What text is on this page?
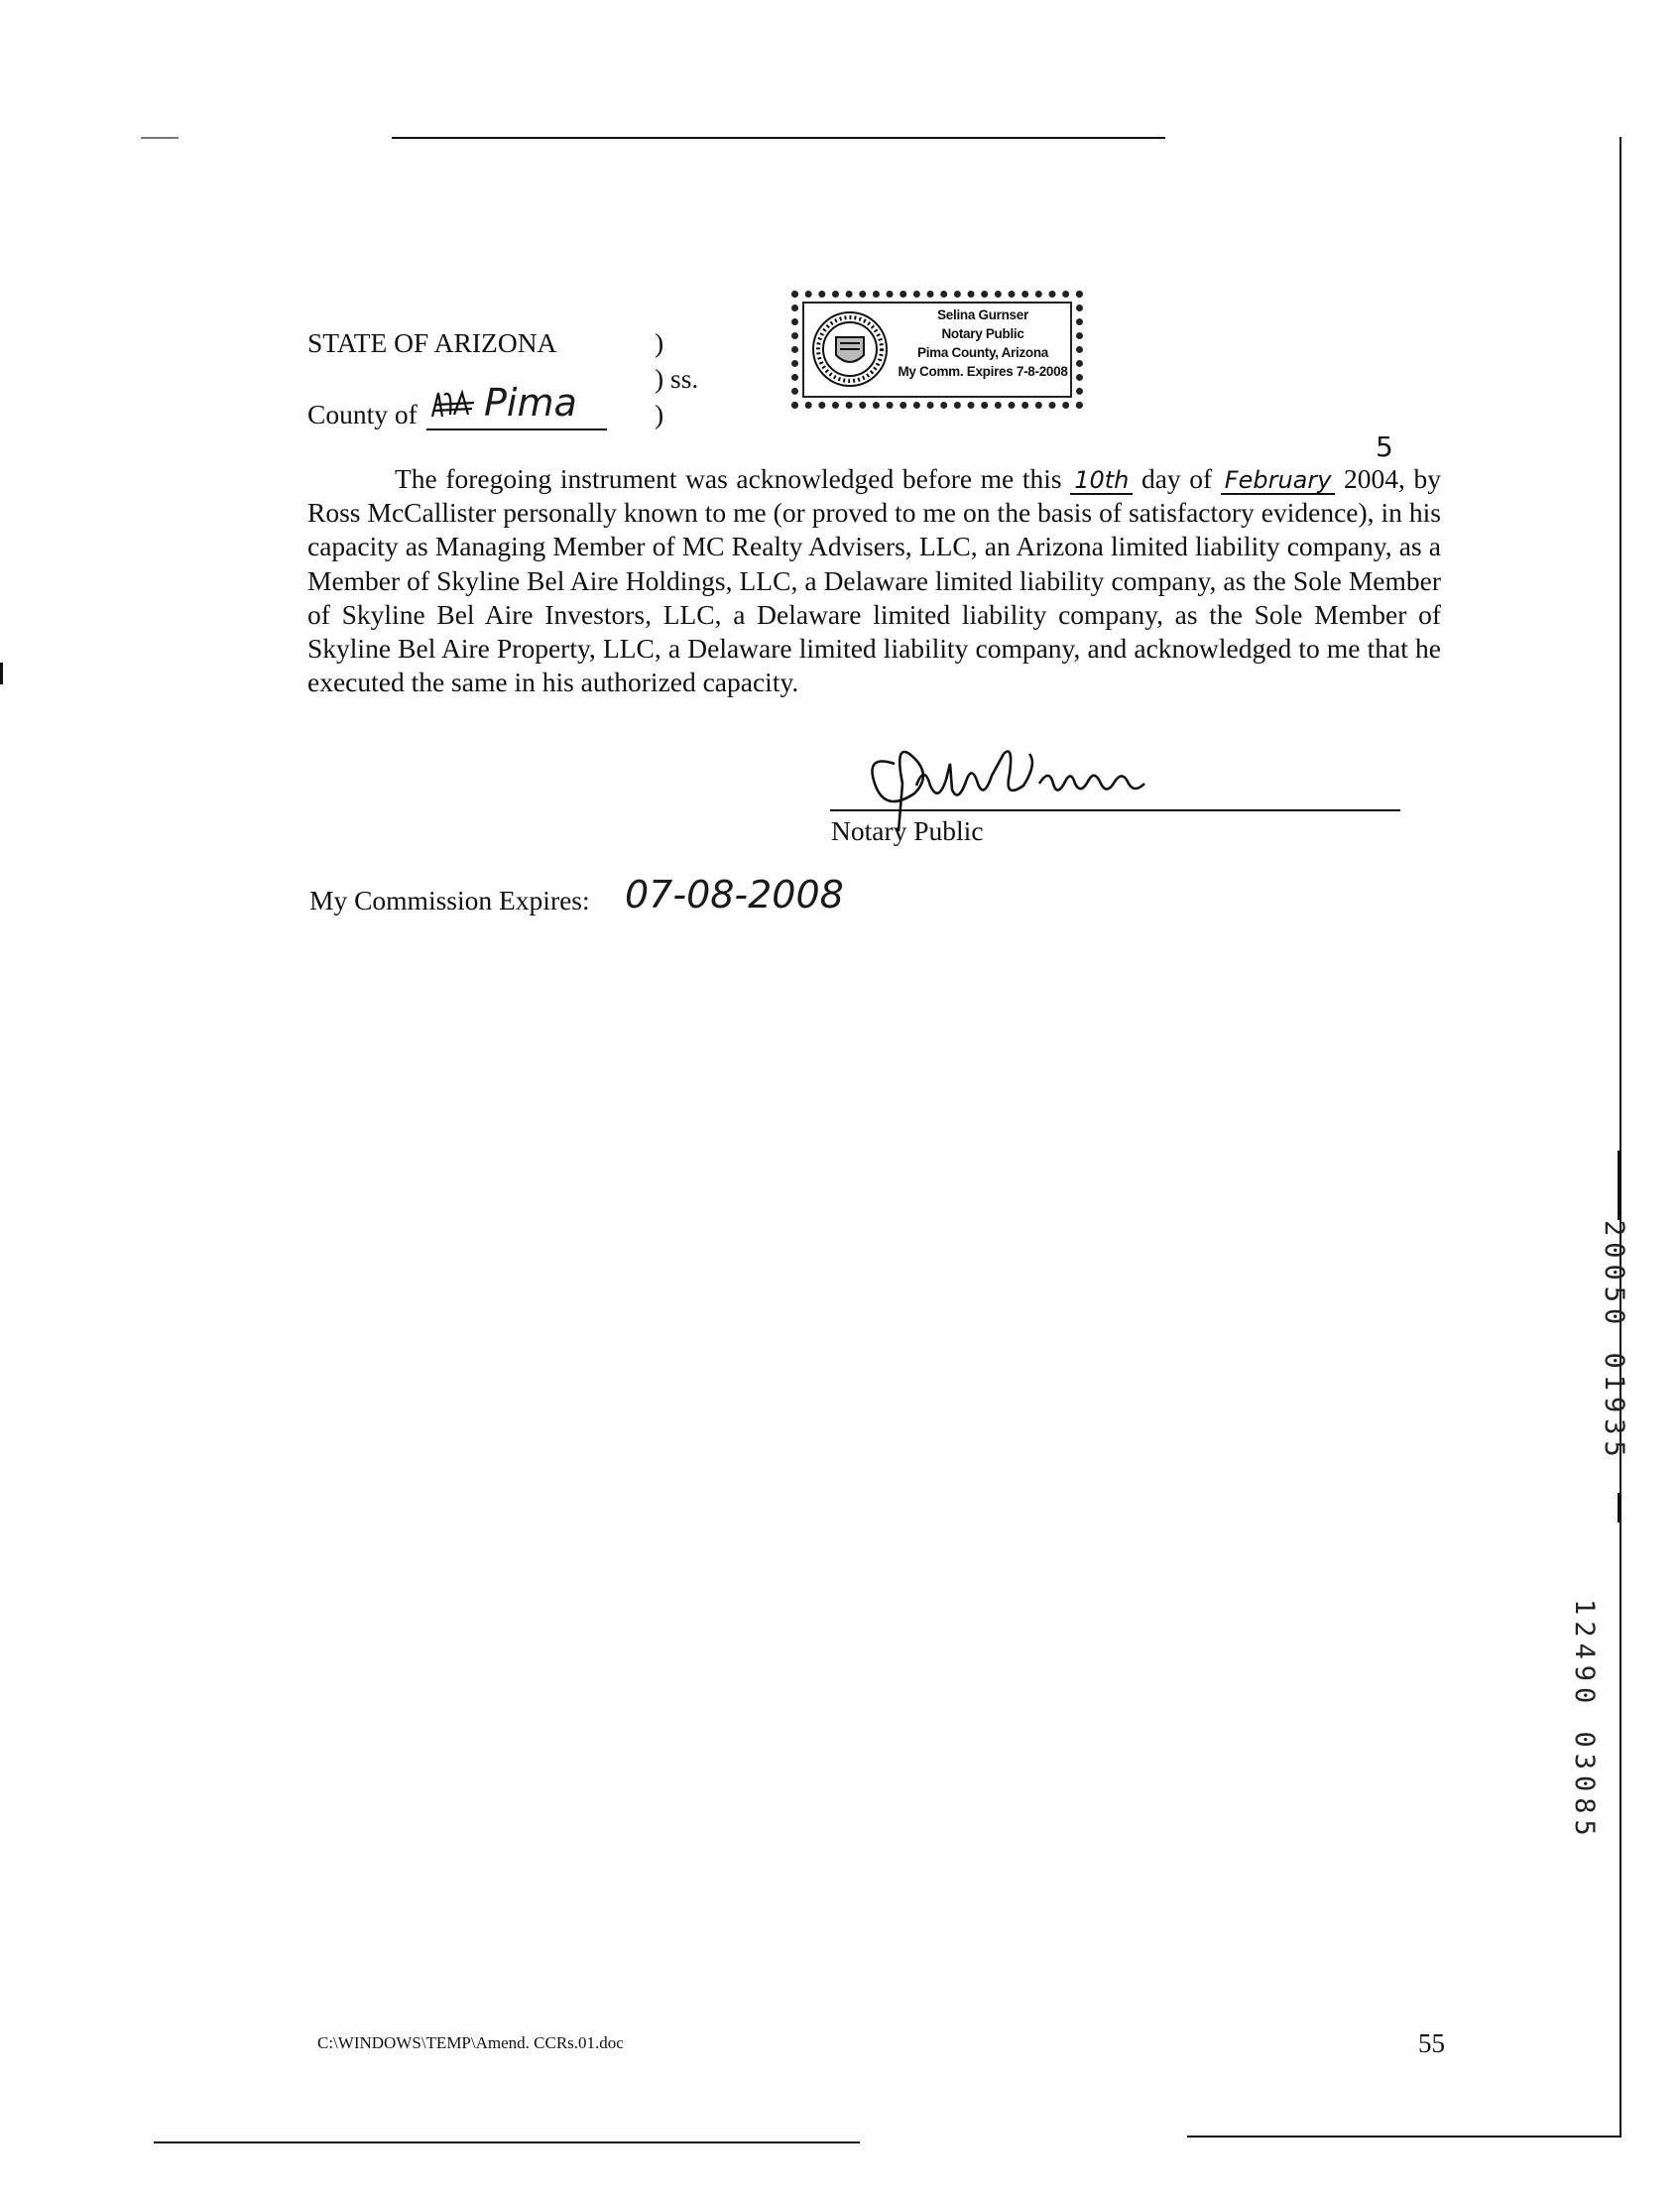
STATE OF ARIZONA	)
) ss.
)
County of Pima
Selina Gurnser
Notary Public
Pima County, Arizona
My Comm. Expires 7-8-2008
The foregoing instrument was acknowledged before me this 10th day of February 2004
5
, by Ross McCallister personally known to me (or proved to me on the basis of satisfactory evidence), in his capacity as Managing Member of MC Realty Advisers, LLC, an Arizona limited liability company, as a Member of Skyline Bel Aire Holdings, LLC, a Delaware limited liability company, as the Sole Member of Skyline Bel Aire Investors, LLC, a Delaware limited liability company, as the Sole Member of Skyline Bel Aire Property, LLC, a Delaware limited liability company, and acknowledged to me that he executed the same in his authorized capacity.
Notary Public
My Commission Expires: 07-08-2008
20050 01935
12490 03085
C:\WINDOWS\TEMP\Amend. CCRs.01.doc	55
